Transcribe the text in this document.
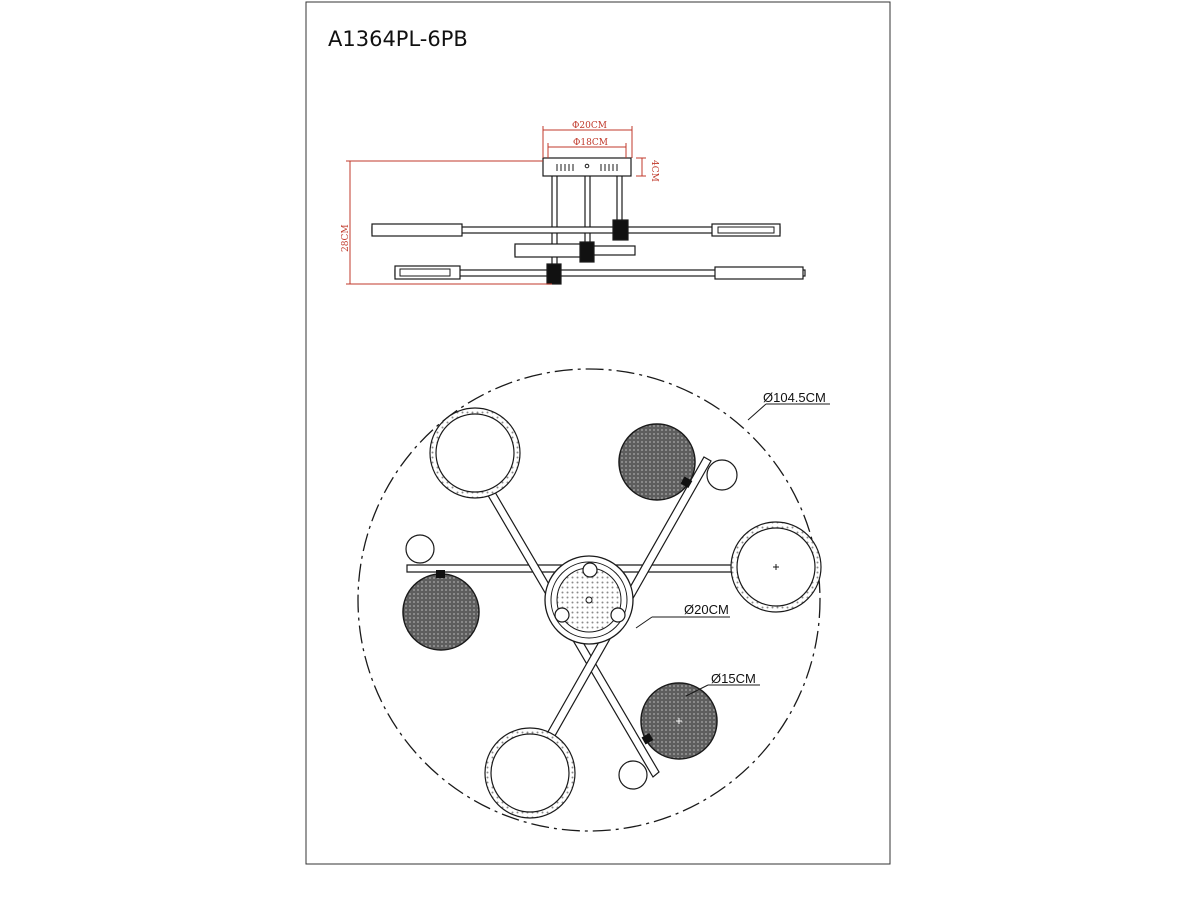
A1364PL-6PB
Φ20CM
Φ18CM
4CM
28CM
Ø104.5CM
Ø20CM
Ø15CM
